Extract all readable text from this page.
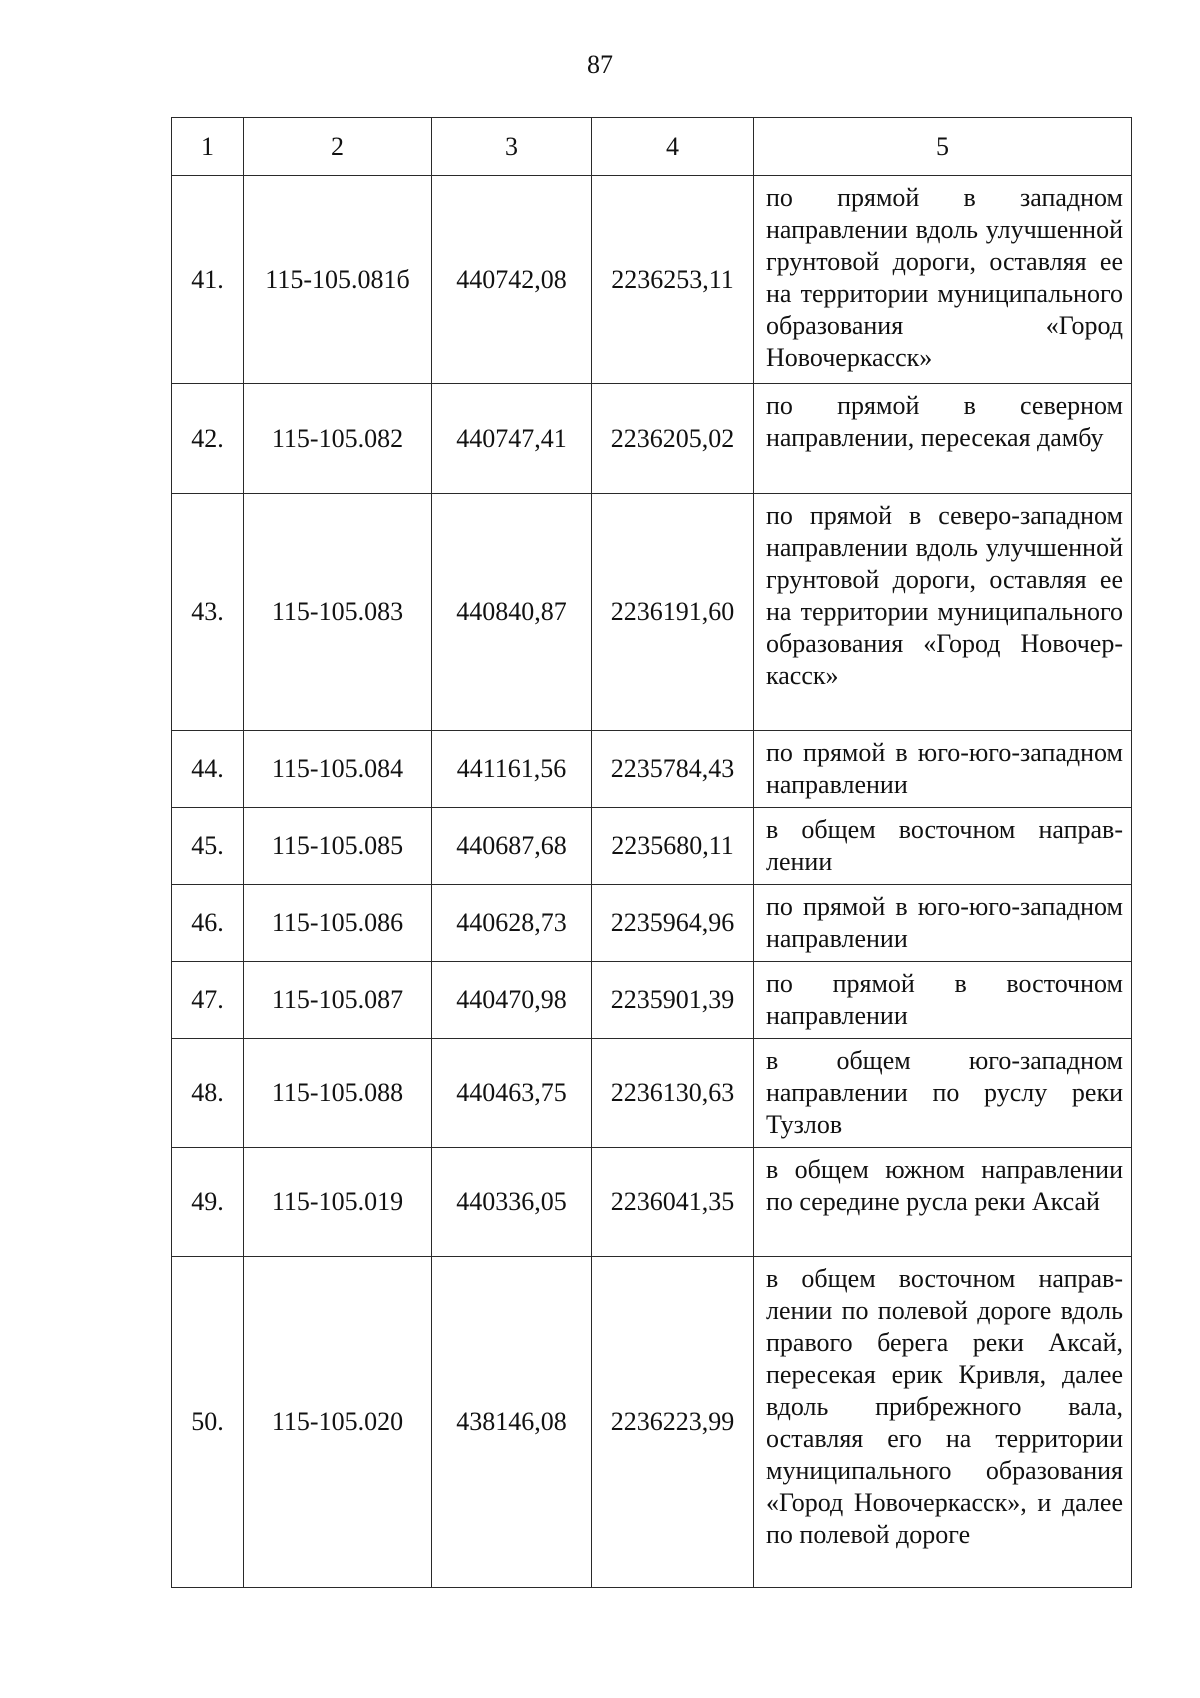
87
1	2	3	4	5
41.	115-105.081б	440742,08	2236253,11	по прямой в западном направлении вдоль улучшенной грунтовой дороги, оставляя ее на территории муниципального образования «Город Новочеркасск»
42.	115-105.082	440747,41	2236205,02	по прямой в северном направлении, пересекая дамбу
43.	115-105.083	440840,87	2236191,60	по прямой в северо-западном направлении вдоль улучшенной грунтовой дороги, оставляя ее на территории муниципального образования «Город Новочеркасск»
44.	115-105.084	441161,56	2235784,43	по прямой в юго-юго-западном направлении
45.	115-105.085	440687,68	2235680,11	в общем восточном направлении
46.	115-105.086	440628,73	2235964,96	по прямой в юго-юго-западном направлении
47.	115-105.087	440470,98	2235901,39	по прямой в восточном направлении
48.	115-105.088	440463,75	2236130,63	в общем юго-западном направлении по руслу реки Тузлов
49.	115-105.019	440336,05	2236041,35	в общем южном направлении по середине русла реки Аксай
50.	115-105.020	438146,08	2236223,99	в общем восточном направлении по полевой дороге вдоль правого берега реки Аксай, пересекая ерик Кривля, далее вдоль прибрежного вала, оставляя его на территории муниципального образования «Город Новочеркасск», и далее по полевой дороге
